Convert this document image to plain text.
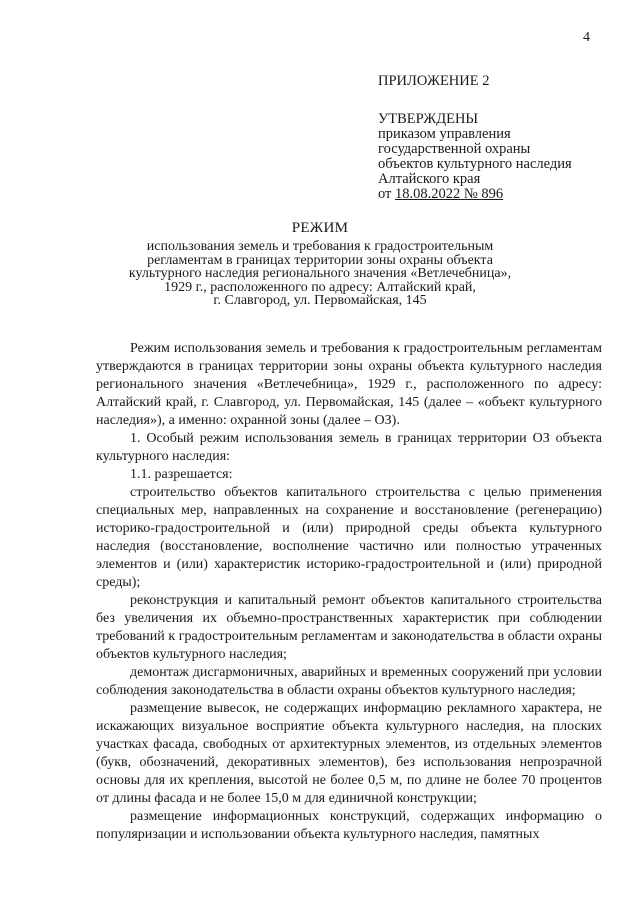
4
ПРИЛОЖЕНИЕ 2
УТВЕРЖДЕНЫ
приказом управления
государственной охраны
объектов культурного наследия
Алтайского края
от 18.08.2022 № 896
РЕЖИМ
использования земель и требования к градостроительным
регламентам в границах территории зоны охраны объекта
культурного наследия регионального значения «Ветлечебница»,
1929 г., расположенного по адресу: Алтайский край,
г. Славгород, ул. Первомайская, 145

Режим использования земель и требования к градостроительным регламентам утверждаются в границах территории зоны охраны объекта культурного наследия регионального значения «Ветлечебница», 1929 г., расположенного по адресу: Алтайский край, г. Славгород, ул. Первомайская, 145 (далее – «объект культурного наследия»), а именно: охранной зоны (далее – ОЗ).

1. Особый режим использования земель в границах территории ОЗ объекта культурного наследия:

1.1. разрешается:

строительство объектов капитального строительства с целью применения специальных мер, направленных на сохранение и восстановление (регенерацию) историко-градостроительной и (или) природной среды объекта культурного наследия (восстановление, восполнение частично или полностью утраченных элементов и (или) характеристик историко-градостроительной и (или) природной среды);

реконструкция и капитальный ремонт объектов капитального строительства без увеличения их объемно-пространственных характеристик при соблюдении требований к градостроительным регламентам и законодательства в области охраны объектов культурного наследия;

демонтаж дисгармоничных, аварийных и временных сооружений при условии соблюдения законодательства в области охраны объектов культурного наследия;

размещение вывесок, не содержащих информацию рекламного характера, не искажающих визуальное восприятие объекта культурного наследия, на плоских участках фасада, свободных от архитектурных элементов, из отдельных элементов (букв, обозначений, декоративных элементов), без использования непрозрачной основы для их крепления, высотой не более 0,5 м, по длине не более 70 процентов от длины фасада и не более 15,0 м для единичной конструкции;

размещение информационных конструкций, содержащих информацию о популяризации и использовании объекта культурного наследия, памятных
